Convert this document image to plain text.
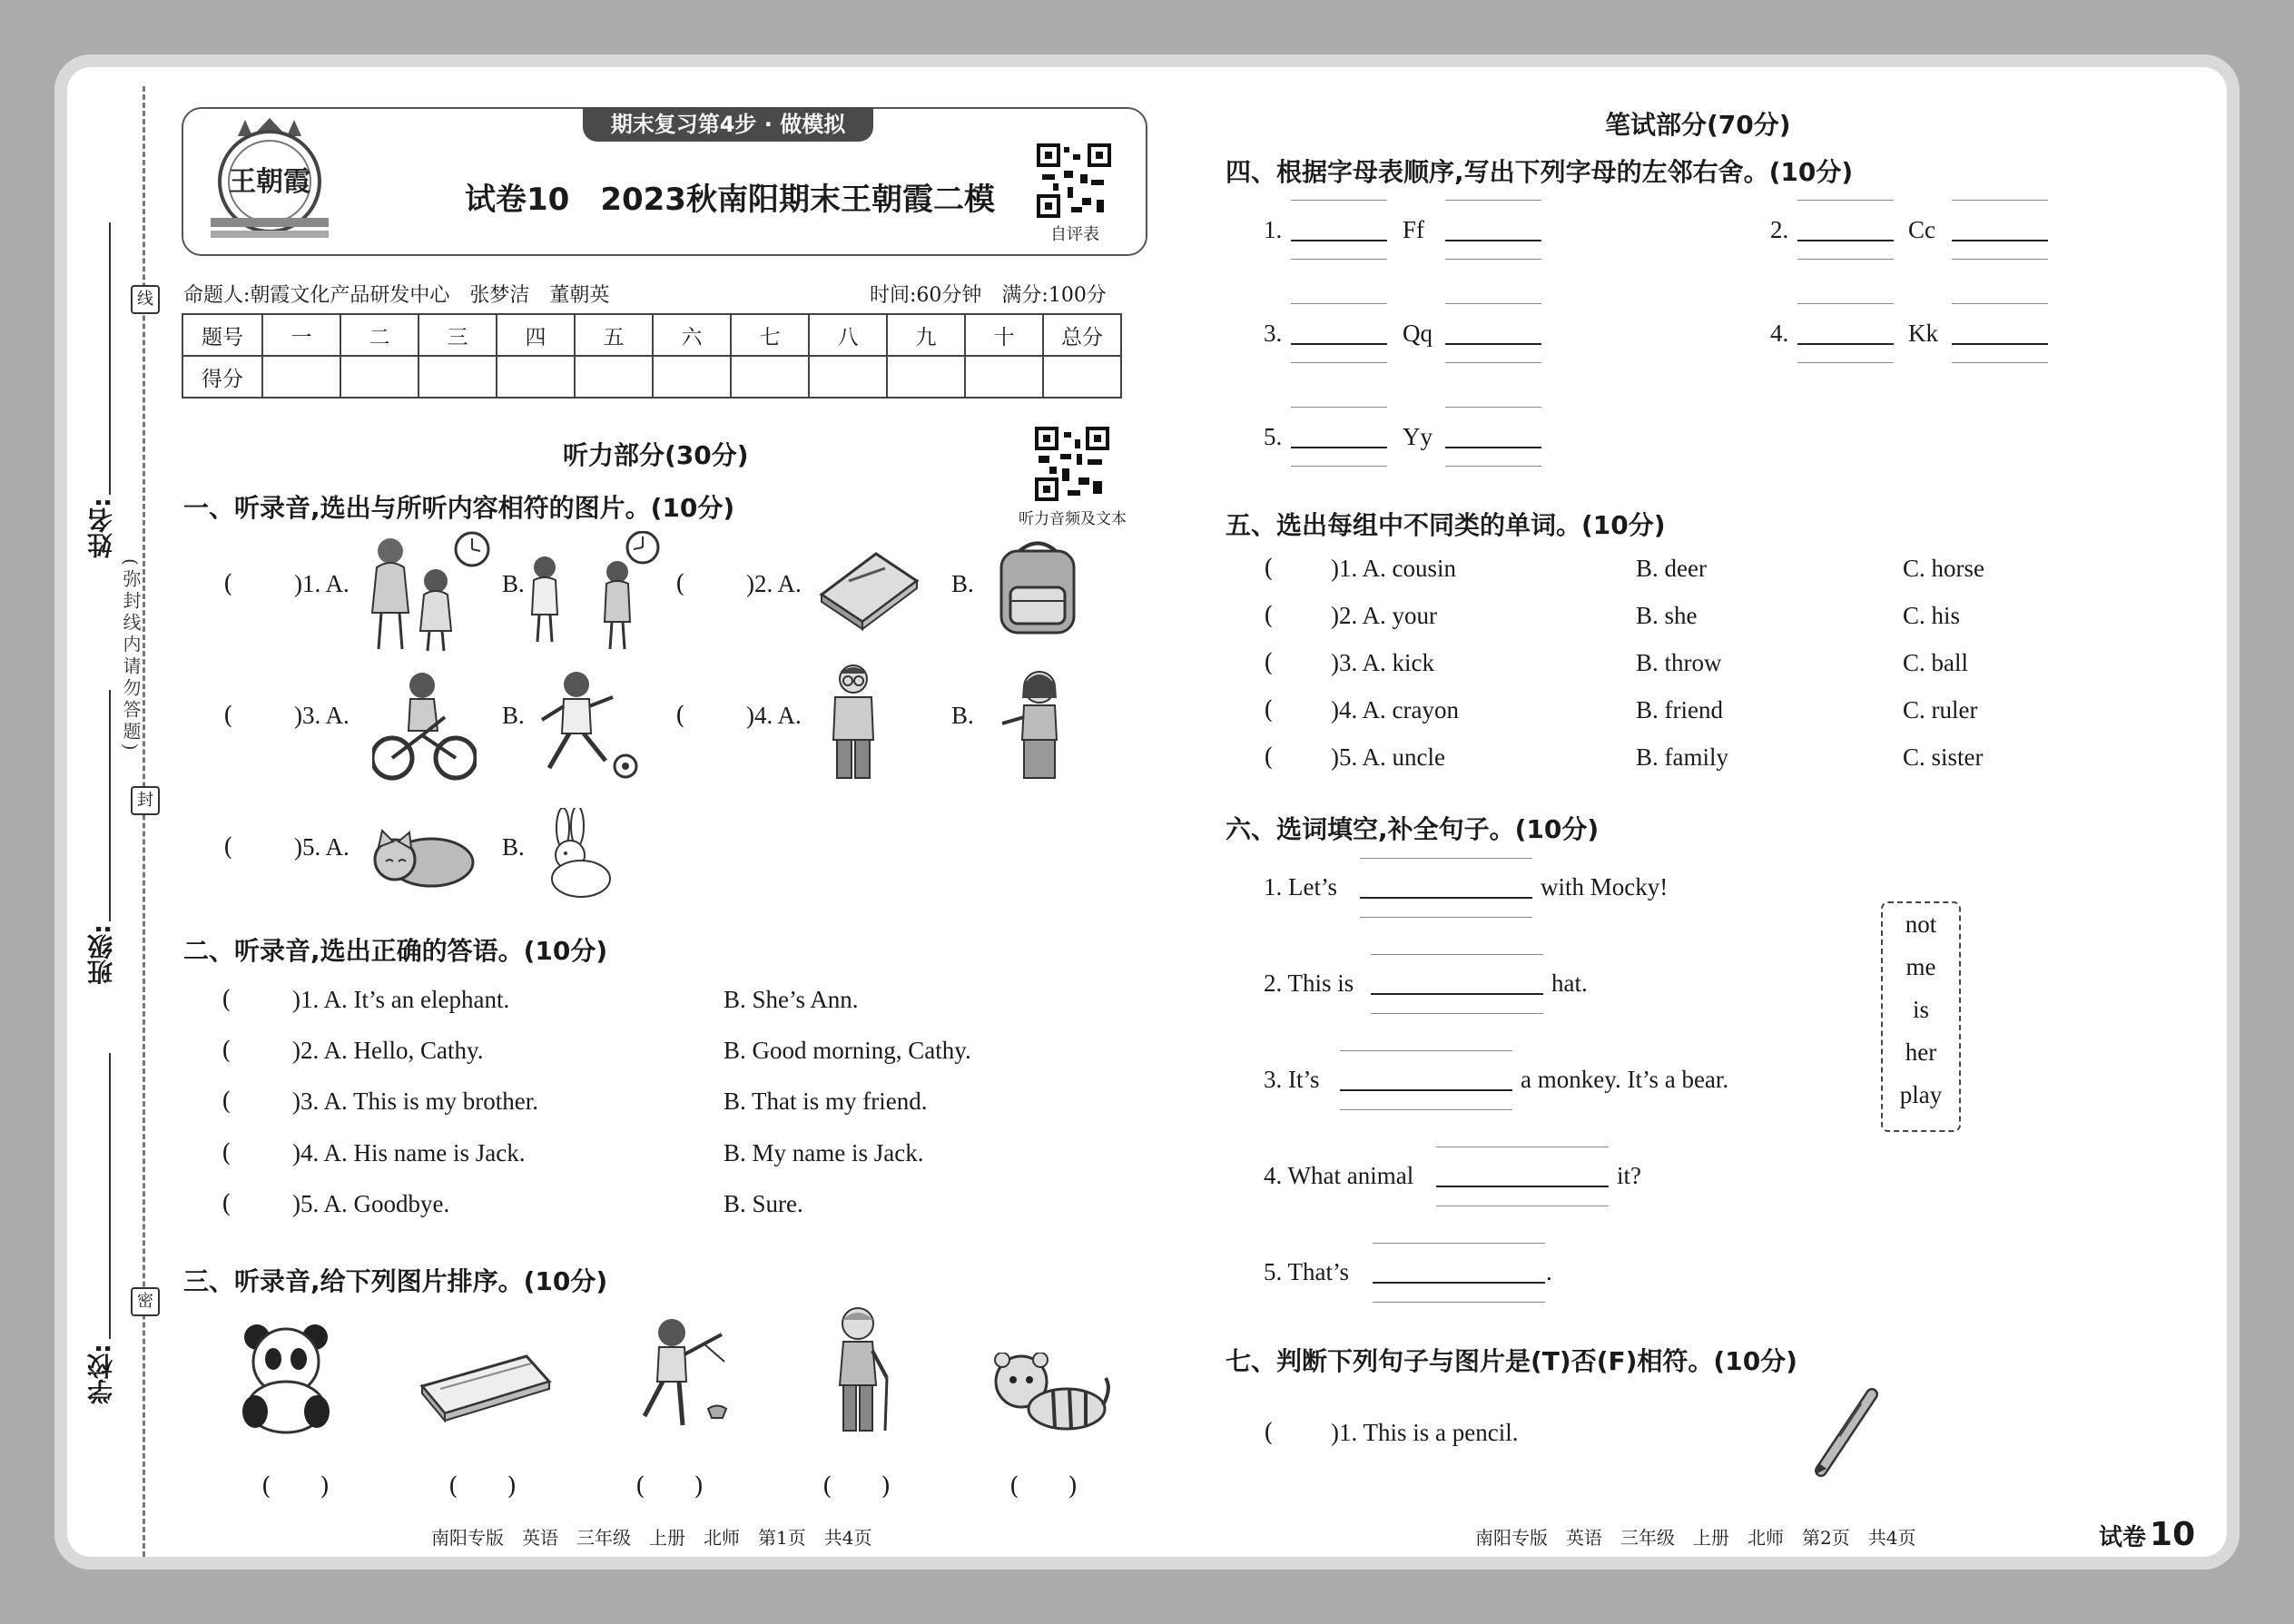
姓名:
班级:
学校:
(弥封线内请勿答题)
线
封
密
期末复习第4步 · 做模拟
王朝霞	试卷10　2023秋南阳期末王朝霞二模
自评表
命题人:朝霞文化产品研发中心　张梦洁　董朝英	时间:60分钟　满分:100分
题号	一	二	三	四	五	六	七	八	九	十	总分
得分											
听力部分(30分)
听力音频及文本
一、听录音,选出与所听内容相符的图片。(10分)
( )1. A.	B.	( )2. A.	B.
( )3. A.	B.	( )4. A.	B.
( )5. A.	B.
二、听录音,选出正确的答语。(10分)
( )1. A. It’s an elephant.	B. She’s Ann.
( )2. A. Hello, Cathy.	B. Good morning, Cathy.
( )3. A. This is my brother.	B. That is my friend.
( )4. A. His name is Jack.	B. My name is Jack.
( )5. A. Goodbye.	B. Sure.
三、听录音,给下列图片排序。(10分)
(　　)	(　　)	(　　)	(　　)	(　　)
南阳专版　英语　三年级　上册　北师　第1页　共4页
笔试部分(70分)
四、根据字母表顺序,写出下列字母的左邻右舍。(10分)
1.	Ff	2.	Cc
3.	Qq	4.	Kk
5.	Yy
五、选出每组中不同类的单词。(10分)
( )1. A. cousin	B. deer	C. horse
( )2. A. your	B. she	C. his
( )3. A. kick	B. throw	C. ball
( )4. A. crayon	B. friend	C. ruler
( )5. A. uncle	B. family	C. sister
六、选词填空,补全句子。(10分)
1. Let’s	with Mocky!
2. This is	hat.
3. It’s	a monkey. It’s a bear.
4. What animal	it?
5. That’s	.
not
me
is
her
play
七、判断下列句子与图片是(T)否(F)相符。(10分)
( )1. This is a pencil.
南阳专版　英语　三年级　上册　北师　第2页　共4页	试卷 10
